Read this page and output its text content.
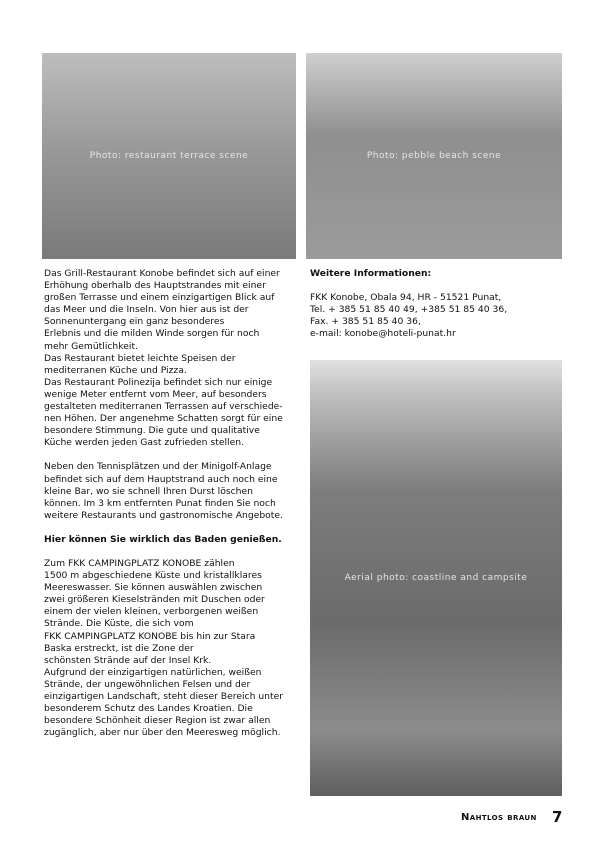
Photo: restaurant terrace scene	Photo: pebble beach scene
Aerial photo: coastline and campsite

Das Grill-Restaurant Konobe befindet sich auf einer

Erhöhung oberhalb des Hauptstrandes mit einer

großen Terrasse und einem einzigartigen Blick auf

das Meer und die Inseln. Von hier aus ist der

Sonnenuntergang ein ganz besonderes

Erlebnis und die milden Winde sorgen für noch

mehr Gemütlichkeit.

Das Restaurant bietet leichte Speisen der

mediterranen Küche und Pizza.

Das Restaurant Polinezija befindet sich nur einige

wenige Meter entfernt vom Meer, auf besonders

gestalteten mediterranen Terrassen auf verschiede-

nen Höhen. Der angenehme Schatten sorgt für eine

besondere Stimmung. Die gute und qualitative

Küche werden jeden Gast zufrieden stellen.

Neben den Tennisplätzen und der Minigolf-Anlage

befindet sich auf dem Hauptstrand auch noch eine

kleine Bar, wo sie schnell Ihren Durst löschen

können. Im 3 km entfernten Punat finden Sie noch

weitere Restaurants und gastronomische Angebote.

Hier können Sie wirklich das Baden genießen.

Zum FKK CAMPINGPLATZ KONOBE zählen

1500 m abgeschiedene Küste und kristallklares

Meereswasser. Sie können auswählen zwischen

zwei größeren Kieselstränden mit Duschen oder

einem der vielen kleinen, verborgenen weißen

Strände. Die Küste, die sich vom

FKK CAMPINGPLATZ KONOBE bis hin zur Stara

Baska erstreckt, ist die Zone der

schönsten Strände auf der Insel Krk.

Aufgrund der einzigartigen natürlichen, weißen

Strände, der ungewöhnlichen Felsen und der

einzigartigen Landschaft, steht dieser Bereich unter

besonderem Schutz des Landes Kroatien. Die

besondere Schönheit dieser Region ist zwar allen

zugänglich, aber nur über den Meeresweg möglich.

Weitere Informationen:

FKK Konobe, Obala 94, HR - 51521 Punat,

Tel. + 385 51 85 40 49, +385 51 85 40 36,

Fax. + 385 51 85 40 36,

e-mail: konobe@hoteli-punat.hr

Nahtlos braun 7
